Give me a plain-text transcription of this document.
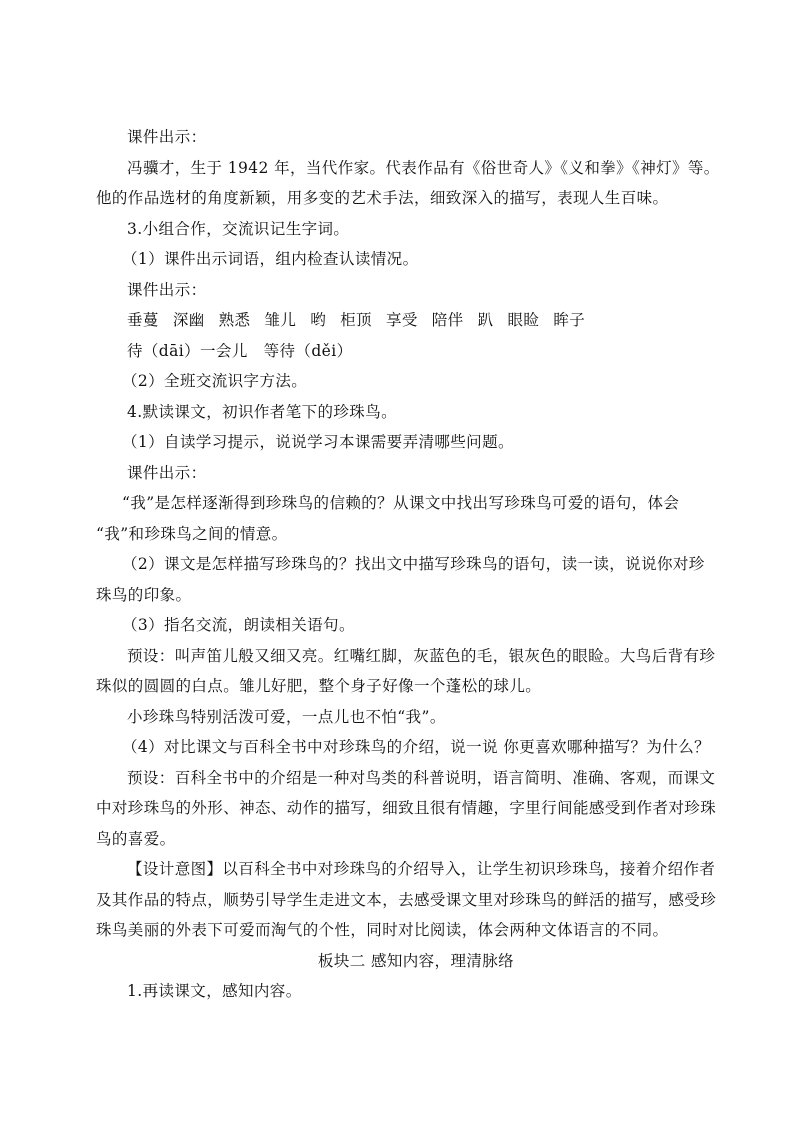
课件出示：
冯骥才，生于 1942 年，当代作家。代表作品有《俗世奇人》《义和拳》《神灯》等。
他的作品选材的角度新颖，用多变的艺术手法，细致深入的描写，表现人生百味。
3.小组合作，交流识记生字词。
（1）课件出示词语，组内检查认读情况。
课件出示：
垂蔓 深幽 熟悉 雏儿 哟 柜顶 享受 陪伴 趴 眼睑 眸子
待（dāi）一会儿　等待（děi）
（2）全班交流识字方法。
4.默读课文，初识作者笔下的珍珠鸟。
（1）自读学习提示，说说学习本课需要弄清哪些问题。
课件出示：
“我”是怎样逐渐得到珍珠鸟的信赖的？从课文中找出写珍珠鸟可爱的语句，体会
“我”和珍珠鸟之间的情意。
（2）课文是怎样描写珍珠鸟的？找出文中描写珍珠鸟的语句，读一读，说说你对珍
珠鸟的印象。
（3）指名交流，朗读相关语句。
预设：叫声笛儿般又细又亮。红嘴红脚，灰蓝色的毛，银灰色的眼睑。大鸟后背有珍
珠似的圆圆的白点。雏儿好肥，整个身子好像一个蓬松的球儿。
小珍珠鸟特别活泼可爱，一点儿也不怕“我”。
（4）对比课文与百科全书中对珍珠鸟的介绍，说一说 你更喜欢哪种描写？为什么？
预设：百科全书中的介绍是一种对鸟类的科普说明，语言简明、准确、客观，而课文
中对珍珠鸟的外形、神态、动作的描写，细致且很有情趣，字里行间能感受到作者对珍珠
鸟的喜爱。
【设计意图】以百科全书中对珍珠鸟的介绍导入，让学生初识珍珠鸟，接着介绍作者
及其作品的特点，顺势引导学生走进文本，去感受课文里对珍珠鸟的鲜活的描写，感受珍
珠鸟美丽的外表下可爱而淘气的个性，同时对比阅读，体会两种文体语言的不同。
板块二 感知内容，理清脉络
1.再读课文，感知内容。
